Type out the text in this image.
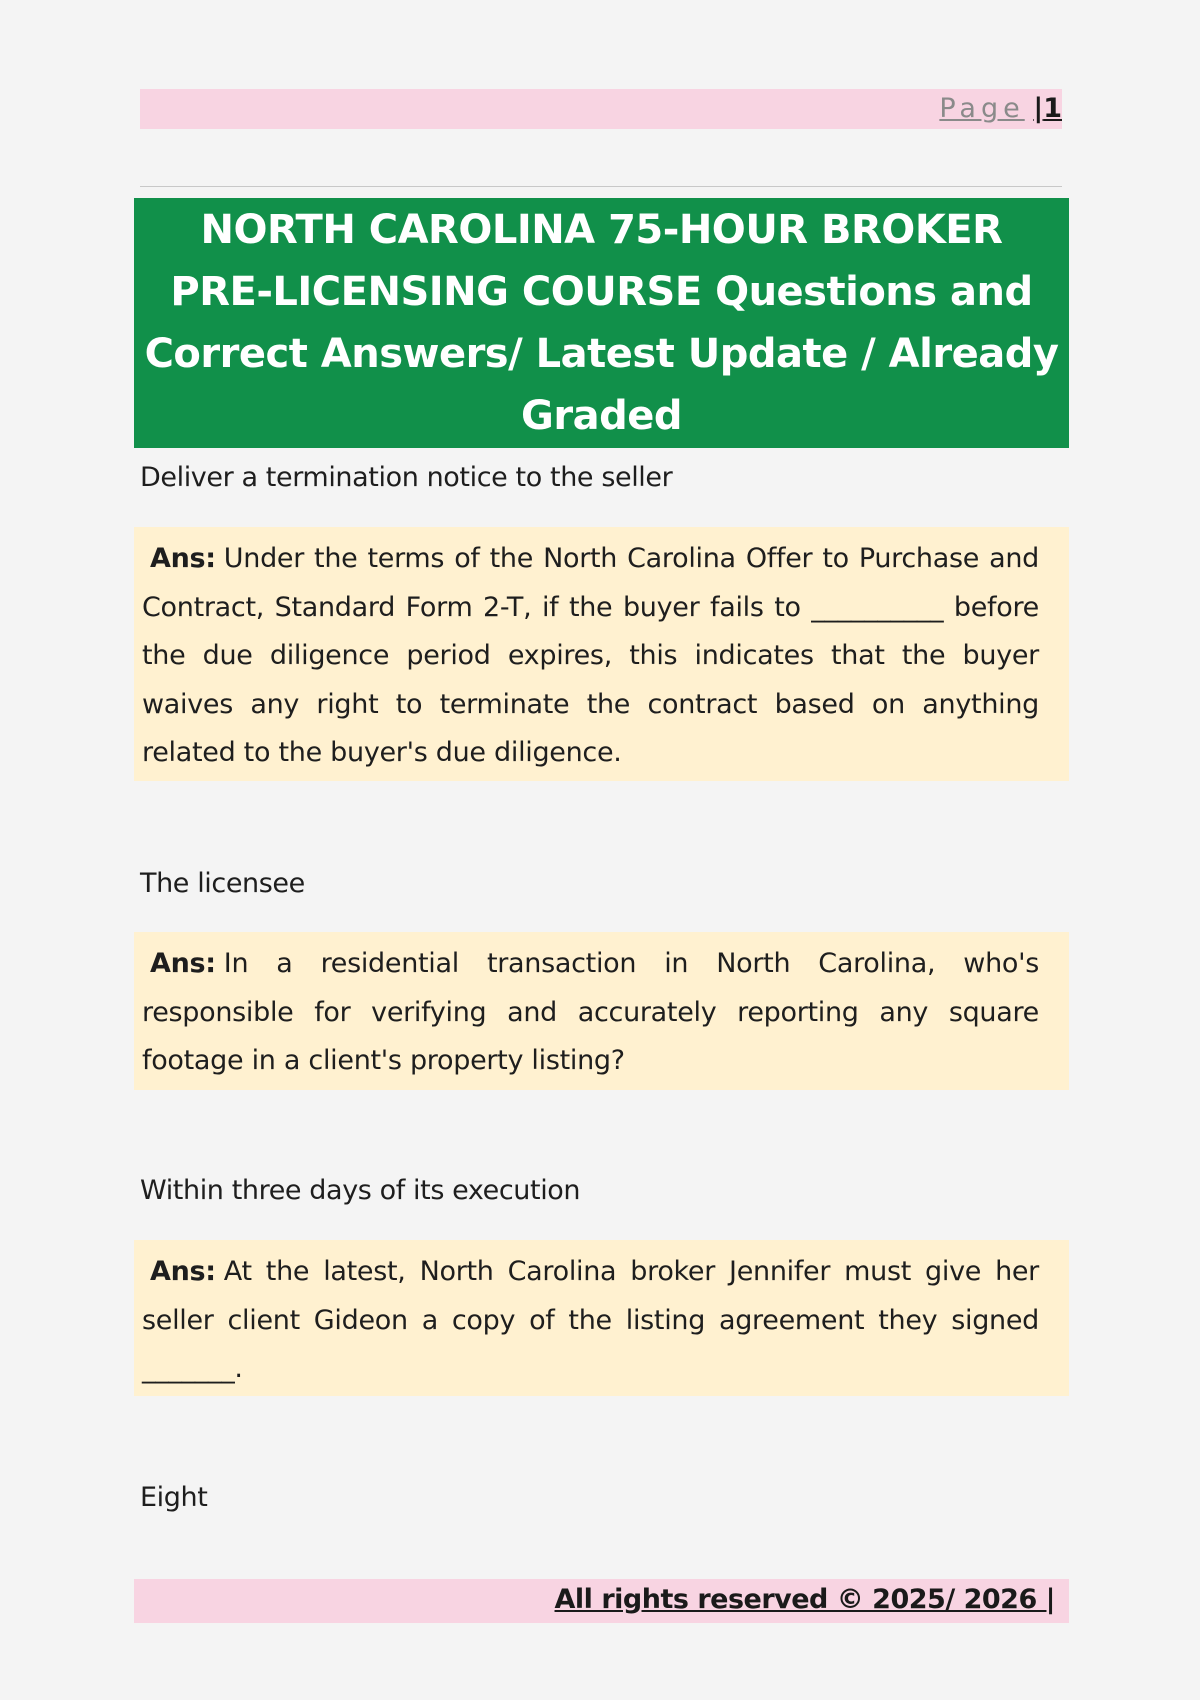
Page |1
NORTH CAROLINA 75-HOUR BROKER PRE-LICENSING COURSE Questions and Correct Answers/ Latest Update / Already Graded
Deliver a termination notice to the seller
Ans: Under the terms of the North Carolina Offer to Purchase and Contract, Standard Form 2-T, if the buyer fails to __________ before the due diligence period expires, this indicates that the buyer waives any right to terminate the contract based on anything related to the buyer's due diligence.
The licensee
Ans: In a residential transaction in North Carolina, who's responsible for verifying and accurately reporting any square footage in a client's property listing?
Within three days of its execution
Ans: At the latest, North Carolina broker Jennifer must give her seller client Gideon a copy of the listing agreement they signed _______.
Eight
All rights reserved © 2025/ 2026 |
